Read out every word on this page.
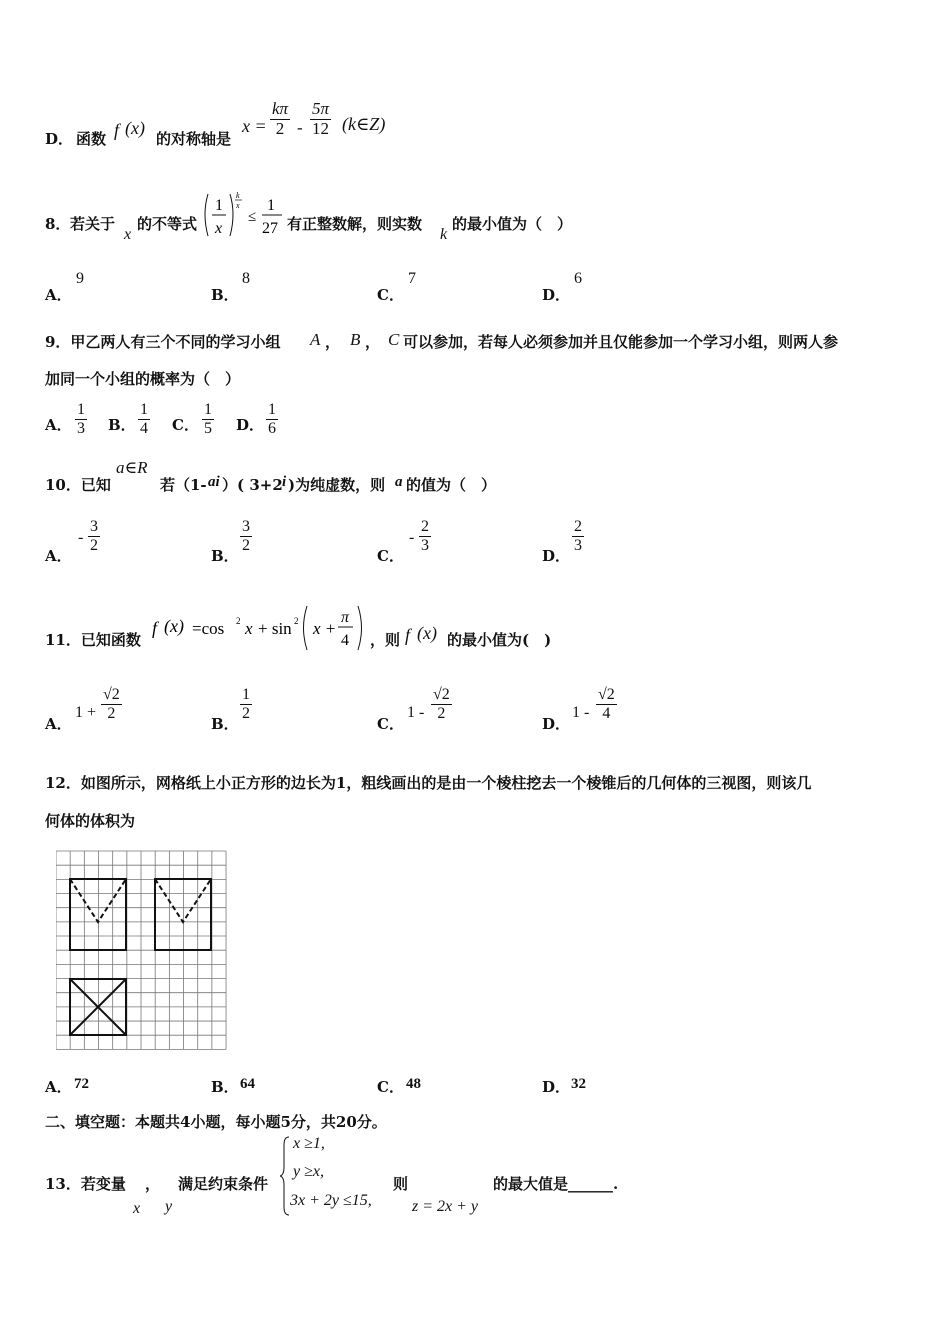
D． 函数 f (x)
的对称轴是
$x = \frac{k\pi}{2} - \frac{5\pi}{12}$ (k∈Z)
8． 若关于
x
的不等式
1
x
k
x
≤
1
27 有正整数解，则实数
k
的最小值为（　）
A．
9
B．
8
C．
7
D．
6
9．甲乙两人有三个不同的学习小组 A ， B ， C 可以参加，若每人必须参加并且仅能参加一个学习小组，则两人参
加同一个小组的概率为（　）
A． $\frac{1}{3}$ B． $\frac{1}{4}$ C． $\frac{1}{5}$ D． $\frac{1}{6}$
10．已知
a∈R
若（1- ai ）( 3+2 i )为纯虚数，则 a 的值为（　）
A．
- $\frac{3}{2}$
B．
$\frac{3}{2}$
C．
- $\frac{2}{3}$
D．
$\frac{2}{3}$
11．已知函数
f (x) =cos 2 x + sin 2 x +
π
4 ，则 f (x) 的最小值为(　)
A．
$1 + \frac{√2}{2}$
B．
$\frac{1}{2}$
C．
$1 - \frac{√2}{2}$
D．
$1 - \frac{√2}{4}$
12．如图所示，网格纸上小正方形的边长为1，粗线画出的是由一个棱柱挖去一个棱锥后的几何体的三视图，则该几
何体的体积为
A． 72	B． 64	C． 48	D． 32
二、填空题：本题共4小题，每小题5分，共20分。
13．若变量 ， 满足约束条件
x y
x ≥1,
y ≥x,
3x + 2y ≤15,
则
z = 2x + y
的最大值是______.
